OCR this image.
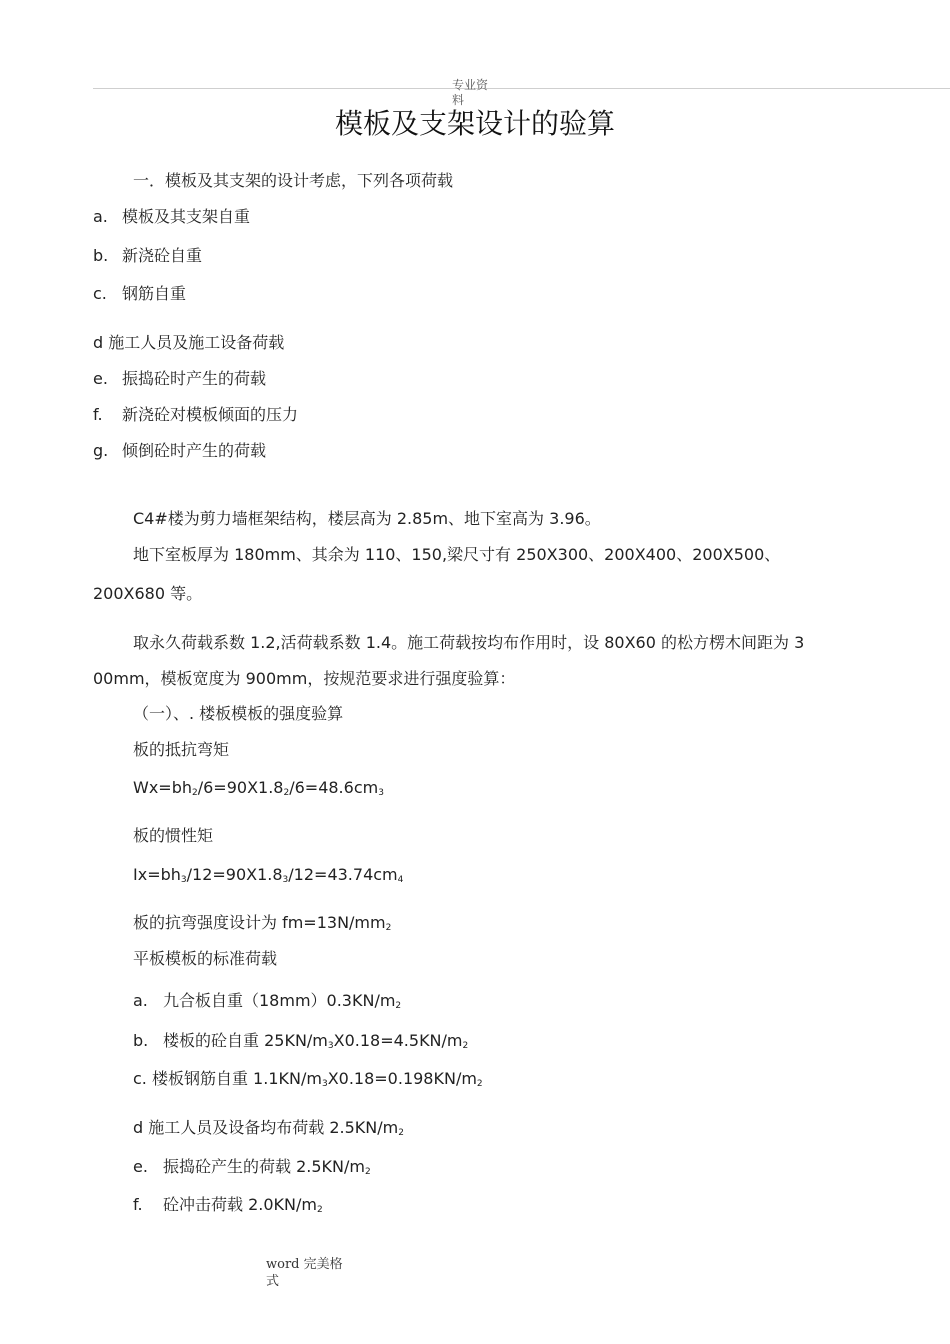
专业资
料
模板及支架设计的验算
一．模板及其支架的设计考虑，下列各项荷载
a. 模板及其支架自重
b. 新浇砼自重
c. 钢筋自重
d 施工人员及施工设备荷载
e. 振捣砼时产生的荷载
f. 新浇砼对模板倾面的压力
g. 倾倒砼时产生的荷载
C4#楼为剪力墙框架结构，楼层高为 2.85m、地下室高为 3.96。
地下室板厚为 180mm、其余为 110、150,梁尺寸有 250X300、200X400、200X500、
200X680 等。
取永久荷载系数 1.2,活荷载系数 1.4。施工荷载按均布作用时，设 80X60 的松方楞木间距为 3
00mm，模板宽度为 900mm，按规范要求进行强度验算：
（一）、. 楼板模板的强度验算
板的抵抗弯矩
$Wx=bh_2/6=90X1.8_2/6=48.6cm_3$
板的惯性矩
$Ix=bh_3/12=90X1.8_3/12=43.74cm_4$
板的抗弯强度设计为 $fm=13N/mm_2$
平板模板的标准荷载
a. 九合板自重$(18mm)0.3KN/m_2$
b. 楼板的砼自重 $25KN/m_3X0.18=4.5KN/m_2$
c. 楼板钢筋自重 $1.1KN/m_3X0.18=0.198KN/m_2$
d 施工人员及设备均布荷载 $2.5KN/m_2$
e. 振捣砼产生的荷载 $2.5KN/m_2$
f. 砼冲击荷载 $2.0KN/m_2$
word 完美格
式
